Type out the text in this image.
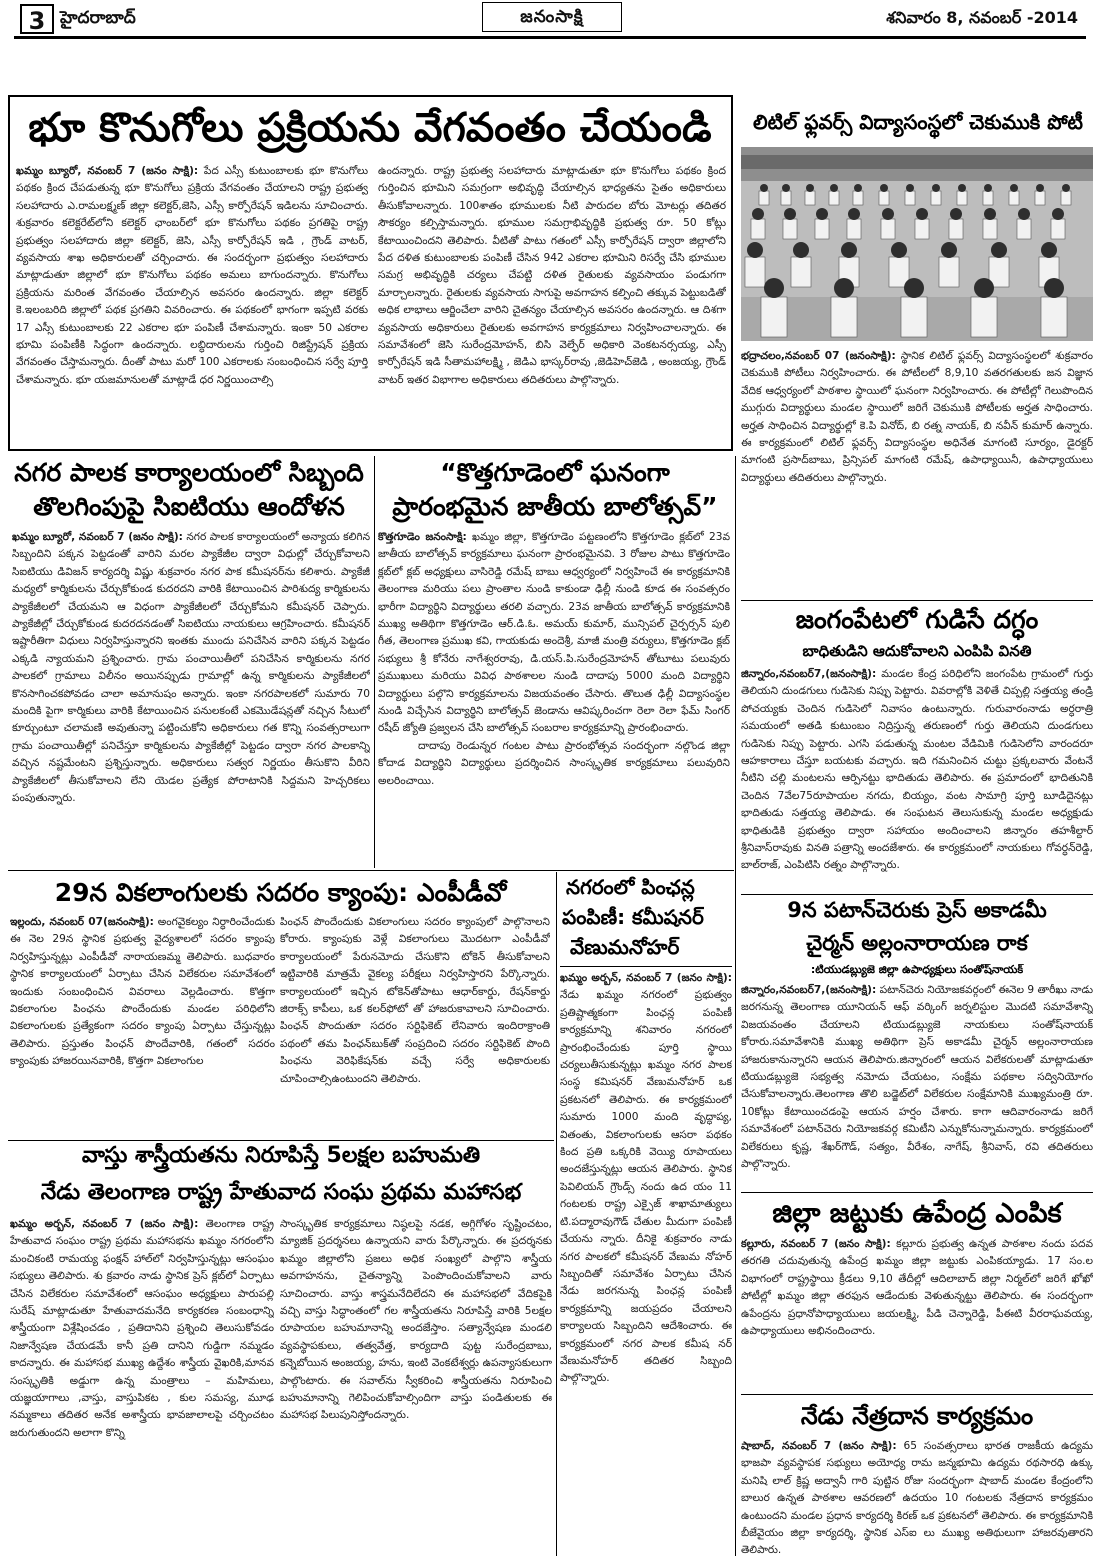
3 హైదరాబాద్	జనంసాక్షి	శనివారం 8, నవంబర్ -2014
భూ కొనుగోలు ప్రక్రియను వేగవంతం చేయండి

ఖమ్మం బ్యూరో, నవంబర్ 7 (జనం సాక్షి): పేద ఎస్సీ కుటుంబాలకు భూ కొనుగోలు పథకం క్రింద చేపడుతున్న భూ కొనుగోలు ప్రక్రియ వేగవంతం చేయాలని రాష్ట్ర ప్రభుత్వ సలహాదారు ఎ.రామలక్ష్మణ్ జిల్లా కలెక్టర్,జెసి, ఎస్సీ కార్పోరేషన్ ఇడిలను సూచించారు. శుక్రవారం కలెక్టరేట్‌లోని కలెక్టర్ ఛాంబర్‌లో భూ కొనుగోలు పథకం ప్రగతిపై రాష్ట్ర ప్రభుత్వం సలహాదారు జిల్లా కలెక్టర్, జెసి, ఎస్సీ కార్పోరేషన్ ఇడి , గ్రౌండ్ వాటర్, వ్యవసాయ శాఖ అధికారులతో చర్చించారు. ఈ సందర్భంగా ప్రభుత్వం సలహాదారు మాట్లాడుతూ జిల్లాలో భూ కొనుగోలు పథకం అమలు బాగుందన్నారు. కొనుగోలు ప్రక్రియను మరింత వేగవంతం చేయాల్సిన అవసరం ఉందన్నారు. జిల్లా కలెక్టర్ కె.ఇలంబరిది జిల్లాలో పథక ప్రగతిని వివరించారు. ఈ పథకంలో భాగంగా ఇప్పటి వరకు 17 ఎస్సీ కుటుంబాలకు 22 ఎకరాల భూ పంపిణీ చేశామన్నారు. ఇంకా 50 ఎకరాల భూమి పంపిణీకి సిద్ధంగా ఉందన్నారు. లబ్ధిదారులను గుర్తించి రిజిస్ట్రేషన్ ప్రక్రియ వేగవంతం చేస్తామన్నారు. దీంతో పాటు మరో 100 ఎకరాలకు సంబంధించిన సర్వే పూర్తి చేశామన్నారు. భూ యజమానులతో మాట్లాడే ధర నిర్ణయించాల్సి

ఉందన్నారు. రాష్ట్ర ప్రభుత్వ సలహాదారు మాట్లాడుతూ భూ కొనుగోలు పథకం క్రింద గుర్తించిన భూమిని సమగ్రంగా అభివృద్ధి చేయాల్సిన భాధ్యతను సైతం అధికారులు తీసుకోవాలన్నారు. 100శాతం భూములకు నీటి పారుదల బోరు మోటర్లు తదితర సౌకర్యం కల్పిస్తామన్నారు. భూముల సమగ్రాభివృద్ధికి ప్రభుత్వ రూ. 50 కోట్లు కేటాయించిందని తెలిపారు. వీటితో పాటు గతంలో ఎస్సీ కార్పోరేషన్ ద్వారా జిల్లాలోని పేద దళిత కుటుంబాలకు పంపిణీ చేసిన 942 ఎకరాల భూమిని రిసర్వే చేసి భూముల సమగ్ర అభివృద్ధికి చర్యలు చేపట్టి దళిత రైతులకు వ్యవసాయం పండుగగా మార్చాలన్నారు. రైతులకు వ్యవసాయ సాగుపై అవగాహన కల్పించి తక్కువ పెట్టుబడితో అధిక లాభాలు ఆర్జించేలా వారిని చైతన్యం చేయాల్సిన అవసరం ఉందన్నారు. ఆ దిశగా వ్యవసాయ అధికారులు రైతులకు అవగాహన కార్యక్రమాలు నిర్వహించాలన్నారు. ఈ సమావేశంలో జెసి సురేంద్రమోహన్, బిసి వెల్ఫేర్ అధికారి వెంకటనర్సయ్య, ఎస్సీ కార్పోరేషన్ ఇడి సీతామహాలక్ష్మి , జెడిఎ భాస్కర్‌రావు ,జెడిహెచ్‌జెడి , అంజయ్య, గ్రౌండ్ వాటర్ ఇతర విభాగాల అధికారులు తదితరులు పాల్గొన్నారు.

లిటిల్ ఫ్లవర్స్ విద్యాసంస్థలో చెకుముకి పోటీ

భద్రాచలం,నవంబర్ 07 (జనంసాక్షి): స్థానిక లిటిల్ ఫ్లవర్స్ విద్యాసంస్థలలో శుక్రవారం చెకుముకి పోటీలు నిర్వహించారు. ఈ పోటీలలో 8,9,10 వతరగతులకు జన విజ్ఞాన వేదిక ఆధ్వర్యంలో పాఠశాల స్థాయిలో ఘనంగా నిర్వహించారు. ఈ పోటీల్లో గెలుపొందిన ముగ్గురు విద్యార్థులు మండల స్థాయిలో జరిగే చెకుముకి పోటీలకు అర్హత సాధించారు. అర్హత సాధించిన విద్యార్థుల్లో కె.పి వినోద్, బి రత్న నాయక్, బి నవీన్ కుమార్ ఉన్నారు. ఈ కార్యక్రమంలో లిటిల్ ఫ్లవర్స్ విద్యాసంస్థల అధినేత మాగంటి సూర్యం, డైరక్టర్ మాగంటి ప్రసాద్‌బాబు, ప్రిన్సిపల్ మాగంటి రమేష్, ఉపాధ్యాయినీ, ఉపాధ్యాయులు విద్యార్థులు తదితరులు పాల్గొన్నారు.

నగర పాలక కార్యాలయంలో సిబ్బంది
తొలగింపుపై సిఐటియు ఆందోళన

ఖమ్మం బ్యూరో, నవంబర్ 7 (జనం సాక్షి): నగర పాలక కార్యాలయంలో అన్యాయ కలిగిన సిబ్బందిని పక్కన పెట్టడంతో వారిని మరల ప్యాకేజీల ద్వారా విధుల్లో చేర్చుకోవాలని సిఐటియు డివిజన్ కార్యదర్శి విష్ణు శుక్రవారం నగర పాక కమీషనర్‌ను కలిశారు. ప్యాకేజీ మధ్యలో కార్మికులను చేర్చుకోకుండ కుదరదని వారికి కేటాయించిన పారిశుద్య కార్మికులను ప్యాకేజీలలో చేయమని ఆ విధంగా ప్యాకేజీలలో చేర్చుకోమని కమీషనర్ చెప్పారు. ప్యాకేజీల్లో చేర్చుకోకుండ కుదరదనడంతో సిఐటియు నాయకులు ఆగ్రహించారు. కమీషనర్ ఇష్టారీతిగా విధులు నిర్వహిస్తున్నారని ఇంతకు ముందు పనిచేసిన వారిని పక్కన పెట్టడం ఎక్కడి న్యాయమని ప్రశ్నించారు. గ్రామ పంచాయితీలో పనిచేసిన కార్మికులను నగర పాలకలో గ్రామాలు విలీనం అయినప్పుడు గ్రామాల్లో ఉన్న కార్మికులను ప్యాకేజీలలో కొనసాగించకపోవడం చాలా అమానుషం అన్నారు. ఇంకా నగరపాలకలో సుమారు 70 మందికి పైగా కార్మికులు వారికి కేటాయించిన పనులకంటే ఎకమొడేషన్లతో నచ్చిన సీటులో కూర్చుంటూ చలామణి అవుతున్నా పట్టించుకోని అధికారులు గత కొన్ని సంవత్సరాలుగా గ్రామ పంచాయితీల్లో పనిచేస్తూ కార్మికులను ప్యాకేజీల్లో పెట్టడం ద్వారా నగర పాలకాన్ని వచ్చిన నష్టమేంటని ప్రశ్నిస్తున్నారు. అధికారులు సత్వర నిర్ణయం తీసుకొని వీరిని ప్యాకేజీలలో తీసుకోవాలని లేని యెడల ప్రత్యేక పోరాటానికి సిద్దమని హెచ్చరికలు పంపుతున్నారు.

“కొత్తగూడెంలో ఘనంగా
ప్రారంభమైన జాతీయ బాలోత్సవ్”

కొత్తగూడెం జనంసాక్షి: ఖమ్మం జిల్లా, కొత్తగూడెం పట్టణంలోని కొత్తగూడెం క్లబ్‌లో 23వ జాతీయ బాలోత్సవ్ కార్యక్రమాలు ఘనంగా ప్రారంభమైనవి. 3 రోజుల పాటు కొత్తగూడెం క్లబ్‌లో క్లబ్ అధ్యక్షులు వాసిరెడ్డి రమేష్ బాబు ఆధ్వర్యంలో నిర్వహించే ఈ కార్యక్రమానికి తెలంగాణ మరియు పలు ప్రాంతాల నుండి కాకుండా ఢిల్లీ నుండి కూడ ఈ సంవత్సరం భారీగా విద్యార్థిని విద్యార్థులు తరలి వచ్చారు. 23వ జాతీయ బాలోత్సవ్ కార్యక్రమానికి ముఖ్య అతిథిగా కొత్తగూడెం ఆర్.డి.ఓ. అమయ్ కుమార్, మున్సిపల్ చైర్పర్సన్ పులి గీత, తెలంగాణ ప్రముఖ కవి, గాయకుడు అందెశ్రీ, మాజీ మంత్రి వర్యులు, కొత్తగూడెం క్లబ్ సభ్యులు శ్రీ కోనేరు నాగేశ్వరరావు, డి.యస్.పి.సురేంద్రమోహన్ తోటూటు పలువురు ప్రముఖులు మరియు వివిధ పాఠశాలల నుండి దాదాపు 5000 మంది విద్యార్థిని విద్యార్థులు పల్గొని కార్యక్రమాలను విజయవంతం చేసారు. తొలుత ఢిల్లీ విద్యాసంస్థల నుండి విచ్చేసిన విద్యార్థిని బాలోత్సవ్ జెండాను ఆవిష్కరించగా రెలా రెలా ఫేమ్ సింగర్ రషీద్ జ్యోతి ప్రజ్వలన చేసి బాలోత్సవ్ సంబరాల కార్యక్రమాన్ని ప్రారంభించారు.

దాదాపు రెండున్నర గంటల పాటు ప్రారంభోత్సవ సందర్భంగా నల్గొండ జిల్లా కోదాడ విద్యార్థిని విద్యార్థులు ప్రదర్శించిన సాంస్కృతిక కార్యక్రమాలు పలువురిని అలరించాయి.

జంగంపేటలో గుడిసే దగ్ధం
బాధితుడిని ఆదుకోవాలని ఎంపిపి వినతి

జిన్నారం,నవంబర్7,(జనంసాక్షి): మండల కేంద్ర పరిధిలోని జంగంపేట గ్రామంలో గుర్తు తెలియని దుండగులు గుడిసెకు నిప్పు పెట్టారు. వివరాల్లోకి వెళితే చిప్పల్లి సత్తయ్య తండ్రి పోచయ్యకు చెందిన గుడిసెలో నివాసం ఉంటున్నారు. గురువారంనాడు అర్ధరాత్రి సమయంలో అతడి కుటుంబం నిద్రిస్తున్న తరుణంలో గుర్తు తెలియని దుండగులు గుడిసెకు నిప్పు పెట్టారు. ఎగసి పడుతున్న మంటల వేడిమికి గుడిసెలోని వారందరూ ఆహకారాలు చేస్తూ బయటకు వచ్చారు. ఇది గమనించిన చుట్టు ప్రక్కలవారు వేంటనే నీటిని చల్లి మంటలను ఆర్పినట్టు భాదితుడు తెలిపారు. ఈ ప్రమాదంలో భాదితునికి చెందిన 7వేల75రూపాయల నగదు, బియ్యం, వంట సామాగ్రి పూర్తి బూడిదైనట్లు భాదితుడు సత్తయ్య తెలిపాడు. ఈ సంఘటన తెలుసుకున్న మండల అధ్యక్షుడు భాధితుడికి ప్రభుత్వం ద్వారా సహాయం అందించాలని జిన్నారం తహశీల్దార్ శ్రీనివాస్‌రావుకు వినతి పత్రాన్ని అందజేశారు. ఈ కార్యక్రమంలో నాయకులు గోవర్ధన్‌రెడ్డి, బాల్‌రాజ్, ఎంపిటిసి రత్నం పాల్గొన్నారు.

9న పటాన్‌చెరుకు ప్రెస్ అకాడమీ
చైర్మన్ అల్లంనారాయణ రాక
:టియుడబ్ల్యుజె జిల్లా ఉపాధ్యక్షులు సంతోష్‌నాయక్

జిన్నారం,నవంబర్7,(జనంసాక్షి): పటాన్‌చెరు నియోజకవర్గంలో ఈనెల 9 తారీఖు నాడు జరగనున్న తెలంగాణ యూనియన్ ఆఫ్ వర్కింగ్ జర్నలిస్టుల మొదటి సమావేశాన్ని విజయవంతం చేయాలని టియుడబ్ల్యుజె నాయకులు సంతోష్‌నాయక్ కోరారు.సమావేశానికి ముఖ్య అతిథిగా ప్రెస్ అకాడమీ చైర్మన్ అల్లంనారాయణ హాజరుకానున్నారని ఆయన తెలిపారు.జిన్నారంలో ఆయన విలేకరులతో మాట్లాడుతూ టియుడబ్ల్యుజె సభ్యత్వ నమోదు చేయటం, సంక్షేమ పథకాల సద్వినియోగం చేసుకోవాలన్నారు.తెలంగాణ తొలి బడ్జెట్‌లో విలేకరుల సంక్షేమానికి ముఖ్యమంత్రి రూ. 10కోట్లు కేటాయించడంపై ఆయన హర్షం చేశారు. కాగా ఆదివారంనాడు జరిగే సమావేశంలో పటాన్‌చెరు నియోజకవర్గ కమిటీని ఎన్నుకోనున్నామన్నారు. కార్యక్రమంలో విలేకరులు కృష్ణ, శేఖర్‌గౌడ్, సత్యం, వీరేశం, నాగేష్, శ్రీనివాస్, రవి తదితరులు పాల్గొన్నారు.

29న వికలాంగులకు సదరం క్యాంపు: ఎంపీడీవో

ఇల్లందు, నవంబర్ 07(జనంసాక్షి): అంగవైకల్యం నిర్ధారించేందుకు ఈ నెల 29న స్థానిక ప్రభుత్వ వైద్యశాలలో సదరం క్యాంపు నిర్వహిస్తున్నట్లు ఎంపీడీవో నారాయణమ్మ తెలిపారు. బుధవారం స్థానిక కార్యాలయంలో ఏర్పాటు చేసిన విలేకరుల సమావేశంలో ఇందుకు సంబంధించిన వివరాలు వెల్లడించారు. కొత్తగా వికలాంగుల పింఛను పొందేందుకు మండల పరిధిలోని వికలాంగులకు ప్రత్యేకంగా సదరం క్యాంపు ఏర్పాటు చేస్తున్నట్లు తెలిపారు. ప్రస్తుతం పింఛన్ పొందేవారికి, గతంలో సదరం క్యాంపుకు హాజరయినవారికి, కొత్తగా వికలాంగుల

పింఛన్ పొందేందుకు వికలాంగులు సదరం క్యాంపులో పాల్గొనాలని కోరారు. క్యాంపుకు వెళ్లే వికలాంగులు మొదటగా ఎంపీడీవో కార్యాలయంలో పేరునమోదు చేసుకొని టోకెన్ తీసుకోవాలని ఇట్టివారికి మాత్రమే వైకల్య పరీక్షలు నిర్వహిస్తారని పేర్కొన్నారు. కార్యాలయంలో ఇచ్చిన టోకెన్‌తోపాటు ఆధార్‌కార్డు, రేషన్‌కార్డు జిరాక్స్ కాపీలు, ఒక కలర్‌ఫోటో తో హాజరుకావాలని సూచించారు. పింఛన్ పొందుతూ సదరం సర్టిఫికెట్ లేనివారు ఇందిరాక్రాంతి పథంలో తమ పింఛన్‌బుక్‌తో సంప్రదించి సదరం సర్టిఫికెట్ పొంది పింఛను వెరిఫికేషన్‌కు వచ్చే సర్వే అధికారులకు చూపించాల్సిఉంటుందని తెలిపారు.

నగరంలో పింఛన్ల
పంపిణీ: కమీషనర్
వేణుమనోహర్

ఖమ్మం అర్బన్, నవంబర్ 7 (జనం సాక్షి): నేడు ఖమ్మం నగరంలో ప్రభుత్వం ప్రతిష్టాత్మకంగా పింఛన్ల పంపిణీ కార్యక్రమాన్ని శనివారం నగరంలో ప్రారంభించేందుకు పూర్తి స్థాయి చర్యలుతీసుకున్నట్లు ఖమ్మం నగర పాలక సంస్థ కమిషనర్ వేణుమనోహర్ ఒక ప్రకటనలో తెలిపారు. ఈ కార్యక్రమంలో సుమారు 1000 మంది వృద్ధాప్య, వితంతు, వికలాంగులకు ఆసరా పథకం కింద ప్రతి ఒక్కరికి వెయ్యి రూపాయలు అందజేస్తున్నట్లు ఆయన తెలిపారు. స్థానిక పెవిలియన్ గ్రౌండ్స్ నందు ఉద యం 11 గంటలకు రాష్ట్ర ఎక్సైజ్ శాఖామాత్యులు టి.పద్మారావుగౌడ్ చేతుల మీదుగా పంపిణీ చేయను న్నారు. దీనికై శుక్రవారం నాడు నగర పాలకలో కమీషనర్ వేణుమ నోహర్ సిబ్బందితో సమావేశం ఏర్పాటు చేసిన నేడు జరగనున్న పింఛన్ల పంపిణీ కార్యక్రమాన్ని జయప్రదం చేయాలని కార్యాలయ సిబ్బందిని ఆదేశించారు. ఈ కార్యక్రమంలో నగర పాలక కమీష నర్ వేణుమనోహర్ తదితర సిబ్బంది పాల్గొన్నారు.

వాస్తు శాస్త్రీయతను నిరూపిస్తే 5లక్షల బహుమతి
నేడు తెలంగాణ రాష్ట్ర హేతువాద సంఘ ప్రథమ మహాసభ

ఖమ్మం అర్బన్, నవంబర్ 7 (జనం సాక్షి): తెలంగాణ రాష్ట్ర హేతువాద సంఘం రాష్ట్ర ప్రథమ మహాసభను ఖమ్మం నగరంలోని మంచికంటి రామయ్య ఫంక్షన్ హాల్‌లో నిర్వహిస్తున్నట్లు ఆసంఘం సభ్యులు తెలిపారు. శు క్రవారం నాడు స్థానిక ప్రెస్ క్లబ్‌లో ఏర్పాటు చేసిన విలేకరుల సమావేశంలో ఆసంఘం అధ్యక్షులు పారుపల్లి సురేష్ మాట్లాడుతూ హేతువాదమనేది కార్యకరణ సంబంధాన్ని శాస్త్రీయంగా విశ్లేషించడం , ప్రతిదానిని ప్రశ్నించి తెలుసుకోవడం నిజాన్వేషణ చేయడమే కానీ ప్రతి దానిని గుడ్డిగా నమ్మడం కాదన్నారు. ఈ మహాసభ ముఖ్య ఉద్దేశం శాస్త్రీయ వైఖరికి,మానవ సంస్కృతికి అడ్డుగా ఉన్న మంత్రాలు – మహిమలు, యజ్ఞయాగాలు ,వాస్తు, వాస్తుపికట , కుల సమస్య, మూఢ నమ్మకాలు తదితర అనేక అశాస్త్రీయ భావజాలాలపై చర్చించటం జరుగుతుందని అలాగా కొన్ని

సాంస్కృతిక కార్యక్రమాలు నిష్ఠలపై నడక, అగ్గిగోళం సృష్టించటం, మ్యాజిక్ ప్రదర్శనలు ఉన్నాయని వారు పేర్కొన్నారు. ఈ ప్రదర్శనకు ఖమ్మం జిల్లాలోని ప్రజలు అధిక సంఖ్యలో పాల్గొని శాస్త్రీయ అవగాహనను, చైతన్యాన్ని పెంపొందించుకోవాలని వారు సూచించారు. వాస్తు శాస్త్రమనేదిలేదని ఈ మహాసభలో వేదికపైకి వచ్చి వాస్తు సిద్ధాంతంలో గల శాస్త్రీయతను నిరూపిస్తే వారికి 5లక్షల రూపాయల బహుమానాన్ని అందజేస్తాం. సత్యాన్వేషణ మండలి వ్యవస్థాపకులు, తత్వవేత్త, కార్యదాది పుట్ట సురేంద్రబాబు, కన్నెబోయిన అంజయ్య, హను, ఇంటి వెంకటేశ్వర్లు ఉపన్యాసకులుగా పాల్గొంటారు. ఈ సవాల్‌ను స్వీకరించి శాస్త్రీయతను నిరూపించి బహుమానాన్ని గెలిపించుకోవాల్సిందిగా వాస్తు పండితులకు ఈ మహాసభ పిలుపునిస్తోందన్నారు.

జిల్లా జట్టుకు ఉపేంద్ర ఎంపిక

కల్లూరు, నవంబర్ 7 (జనం సాక్షి): కల్లూరు ప్రభుత్వ ఉన్నత పాఠశాల నందు పదవ తరగతి చదువుతున్న ఉపేంద్ర ఖమ్మం జిల్లా జట్టుకు ఎంపికయ్యాడు. 17 సం.ల విభాగంలో రాష్ట్రస్థాయి క్రీడలు 9,10 తేదీల్లో ఆదిలాబాద్ జిల్లా నిర్మల్‌లో జరిగే ఖోఖో పోటీల్లో ఖమ్మం జిల్లా తరఫున ఆడేందుకు వెళుతున్నట్టు తెలిపారు. ఈ సందర్భంగా ఉపేంద్రను ప్రధానోపాధ్యాయులు జయలక్ష్మి, పీడి చెన్నారెడ్డి, పీఈటి వీరరాఘవయ్య, ఉపాధ్యాయులు అభినందించారు.

నేడు నేత్రదాన కార్యక్రమం

షాబాద్, నవంబర్ 7 (జనం సాక్షి): 65 సంవత్సరాలు భారత రాజకీయ ఉద్యమ భాజపా వ్యవస్థాపక సభ్యులు అయోధ్య రామ జన్మభూమి ఉద్యమ రథసారధి ఉక్కు మనిషి లాల్ క్రిష్ణ అద్వానీ గారి పుట్టిన రోజు సందర్భంగా షాబాద్ మండల కేంద్రంలోని బాలుర ఉన్నత పాఠశాల ఆవరణలో ఉదయం 10 గంటలకు నేత్రదాన కార్యక్రమం ఉంటుందని మండల ప్రధాన కార్యదర్శి కిరణ్ ఒక ప్రకటనలో తెలిపారు. ఈ కార్యక్రమానికి బీజేవైయం జిల్లా కార్యదర్శి, స్థానిక ఎస్ఐ లు ముఖ్య అతిథులుగా హాజరవుతారని తెలిపారు.
